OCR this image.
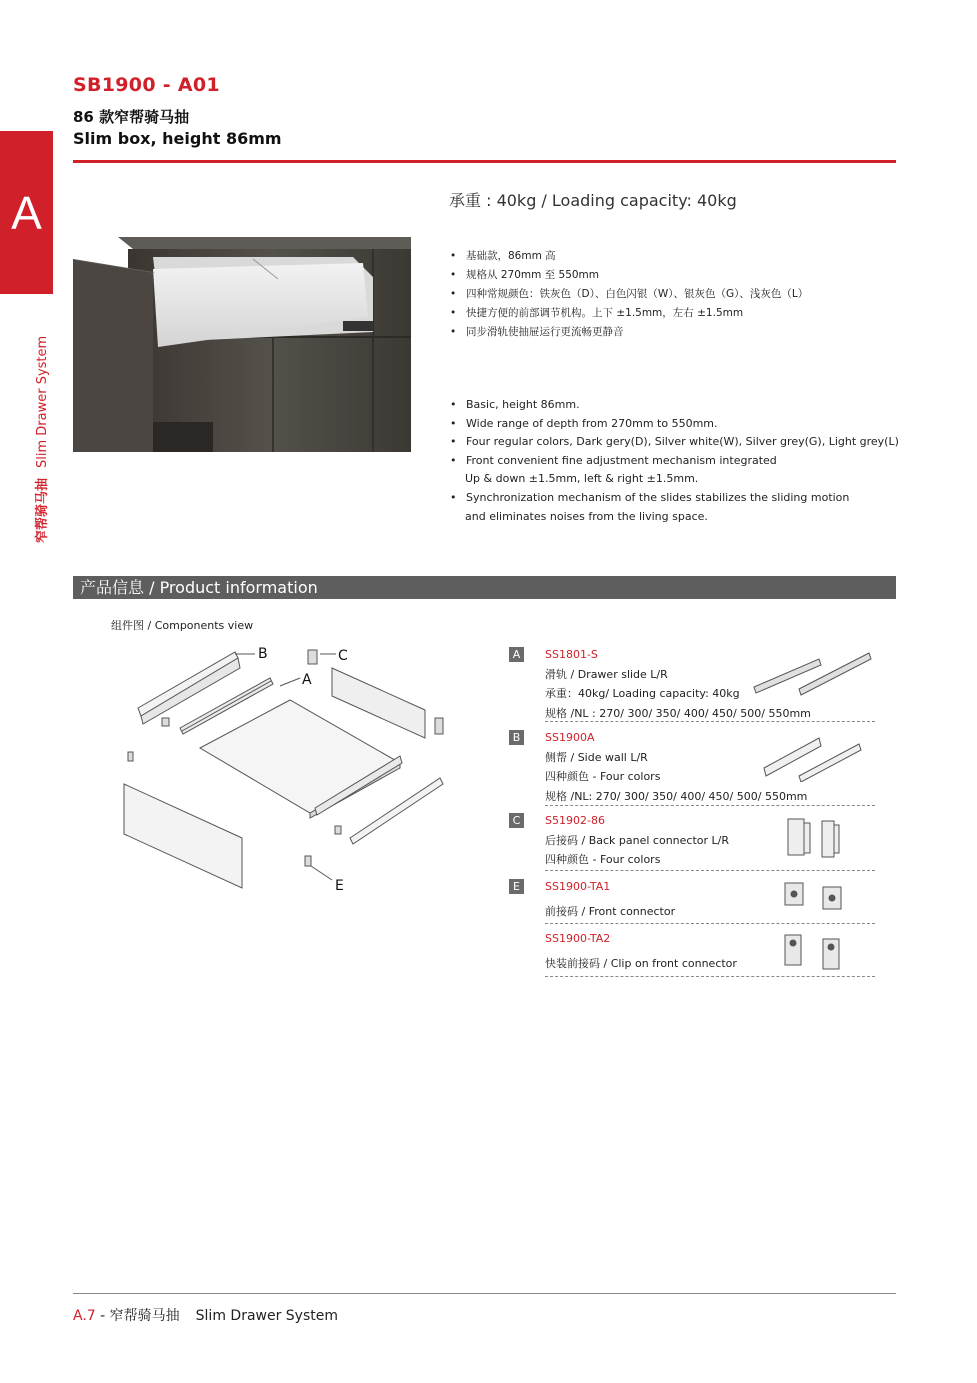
SB1900 - A01
86 款窄帮骑马抽
Slim box, height 86mm
A
窄帮骑马抽Slim Drawer System
承重 : 40kg / Loading capacity: 40kg
• 基础款，86mm 高
• 规格从 270mm 至 550mm
• 四种常规颜色：铁灰色（D）、白色闪银（W）、银灰色（G）、浅灰色（L）
• 快捷方便的前部调节机构。上下 ±1.5mm，左右 ±1.5mm
• 同步滑轨使抽屉运行更流畅更静音
• Basic, height 86mm.
• Wide range of depth from 270mm to 550mm.
• Four regular colors, Dark gery(D), Silver white(W), Silver grey(G), Light grey(L)
• Front convenient fine adjustment mechanism integrated
Up & down ±1.5mm, left & right ±1.5mm.
• Synchronization mechanism of the slides stabilizes the sliding motion
and eliminates noises from the living space.
产品信息 / Product information
组件图 / Components view
B	C
A
E
A	SS1801-S
滑轨 / Drawer slide L/R
承重：40kg/ Loading capacity: 40kg
规格 /NL : 270/ 300/ 350/ 400/ 450/ 500/ 550mm
B	SS1900A
侧帮 / Side wall L/R
四种颜色 - Four colors
规格 /NL: 270/ 300/ 350/ 400/ 450/ 500/ 550mm
C	S51902-86
后接码 / Back panel connector L/R
四种颜色 - Four colors
E	SS1900-TA1
前接码 / Front connector
SS1900-TA2
快装前接码 / Clip on front connector
A.7 - 窄帮骑马抽 Slim Drawer System
